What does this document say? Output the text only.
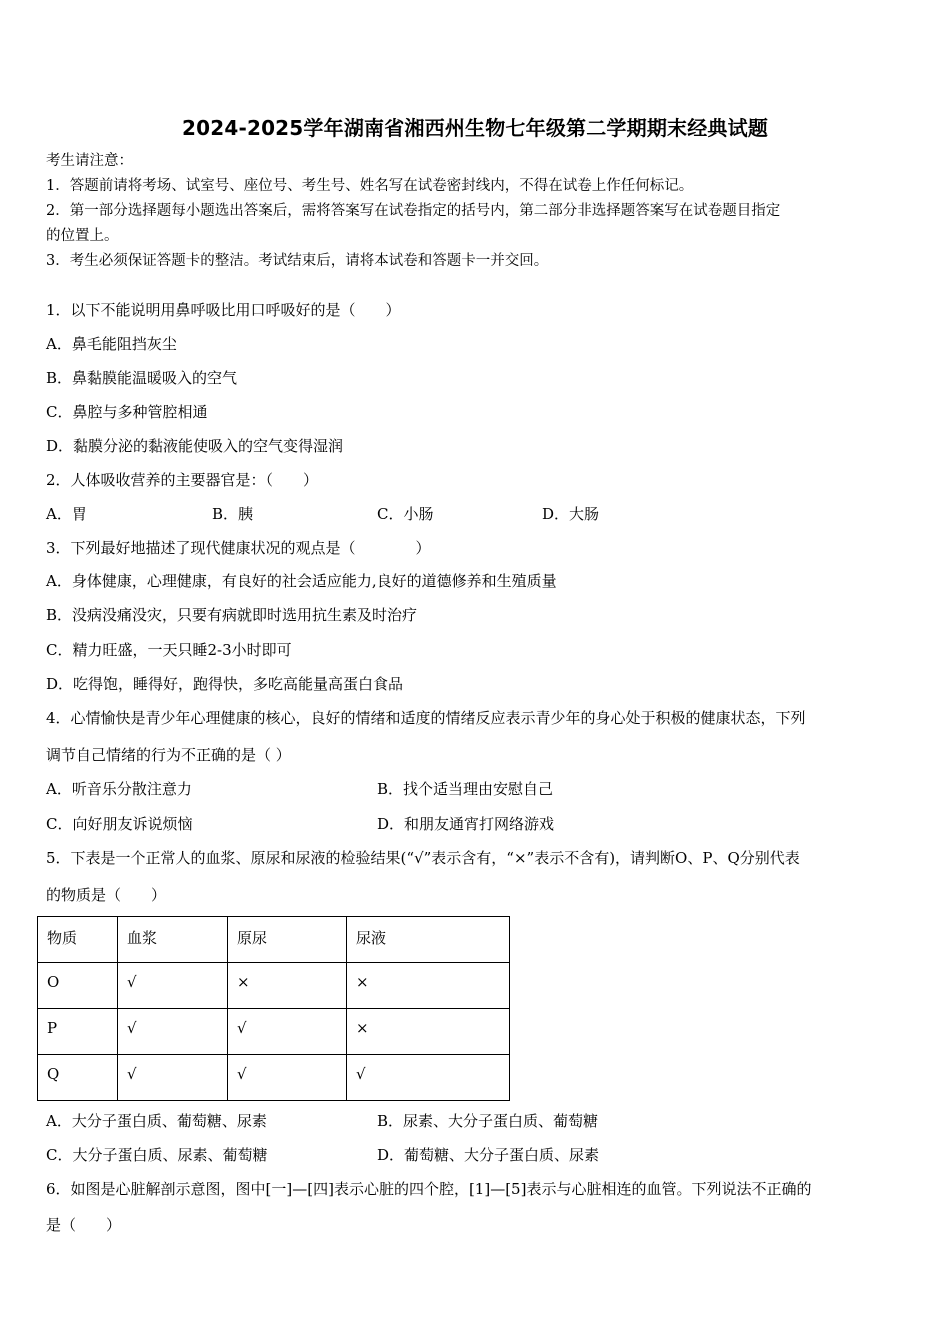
2024-2025学年湖南省湘西州生物七年级第二学期期末经典试题
考生请注意：
1．答题前请将考场、试室号、座位号、考生号、姓名写在试卷密封线内，不得在试卷上作任何标记。
2．第一部分选择题每小题选出答案后，需将答案写在试卷指定的括号内，第二部分非选择题答案写在试卷题目指定
的位置上。
3．考生必须保证答题卡的整洁。考试结束后，请将本试卷和答题卡一并交回。
1．以下不能说明用鼻呼吸比用口呼吸好的是（　　）
A．鼻毛能阻挡灰尘
B．鼻黏膜能温暖吸入的空气
C．鼻腔与多种管腔相通
D．黏膜分泌的黏液能使吸入的空气变得湿润
2．人体吸收营养的主要器官是：（　　）
A．胃	B．胰	C．小肠	D．大肠
3．下列最好地描述了现代健康状况的观点是（　　　　）
A．身体健康，心理健康，有良好的社会适应能力,良好的道德修养和生殖质量
B．没病没痛没灾，只要有病就即时选用抗生素及时治疗
C．精力旺盛，一天只睡2-3小时即可
D．吃得饱，睡得好，跑得快，多吃高能量高蛋白食品
4．心情愉快是青少年心理健康的核心，良好的情绪和适度的情绪反应表示青少年的身心处于积极的健康状态，下列
调节自己情绪的行为不正确的是（ ）
A．听音乐分散注意力	B．找个适当理由安慰自己
C．向好朋友诉说烦恼	D．和朋友通宵打网络游戏
5．下表是一个正常人的血浆、原尿和尿液的检验结果(“√”表示含有，“×”表示不含有)，请判断O、P、Q分别代表
的物质是（　　）
物质	血浆	原尿	尿液
O	√	×	×
P	√	√	×
Q	√	√	√
A．大分子蛋白质、葡萄糖、尿素	B．尿素、大分子蛋白质、葡萄糖
C．大分子蛋白质、尿素、葡萄糖	D．葡萄糖、大分子蛋白质、尿素
6．如图是心脏解剖示意图，图中[一]—[四]表示心脏的四个腔，[1]—[5]表示与心脏相连的血管。下列说法不正确的
是（　　）
